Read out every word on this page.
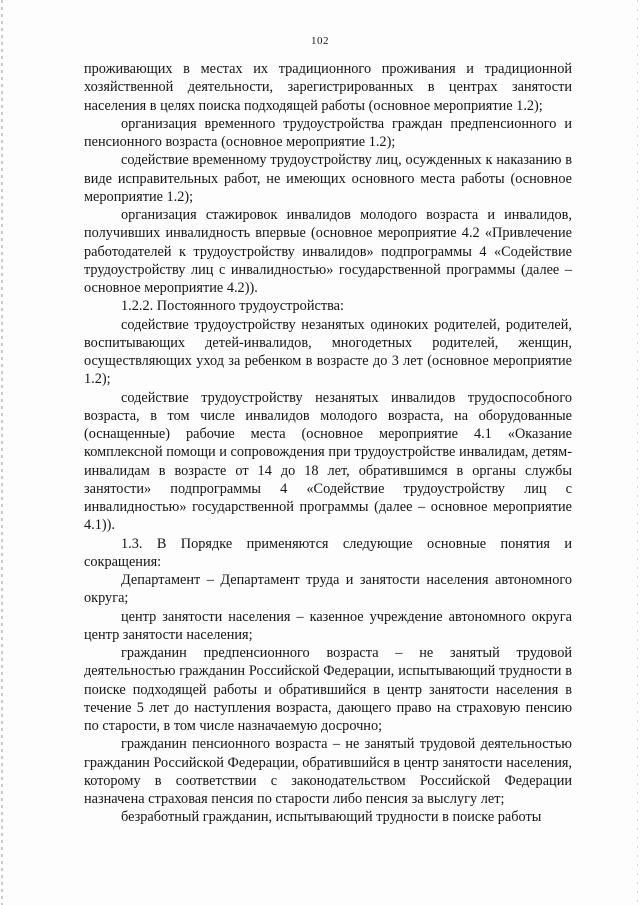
102

проживающих в местах их традиционного проживания и традиционной хозяйственной деятельности, зарегистрированных в центрах занятости населения в целях поиска подходящей работы (основное мероприятие 1.2);

организация временного трудоустройства граждан предпенсионного и пенсионного возраста (основное мероприятие 1.2);

содействие временному трудоустройству лиц, осужденных к наказанию в виде исправительных работ, не имеющих основного места работы (основное мероприятие 1.2);

организация стажировок инвалидов молодого возраста и инвалидов, получивших инвалидность впервые (основное мероприятие 4.2 «Привлечение работодателей к трудоустройству инвалидов» подпрограммы 4 «Содействие трудоустройству лиц с инвалидностью» государственной программы (далее – основное мероприятие 4.2)).

1.2.2. Постоянного трудоустройства:

содействие трудоустройству незанятых одиноких родителей, родителей, воспитывающих детей-инвалидов, многодетных родителей, женщин, осуществляющих уход за ребенком в возрасте до 3 лет (основное мероприятие 1.2);

содействие трудоустройству незанятых инвалидов трудоспособного возраста, в том числе инвалидов молодого возраста, на оборудованные (оснащенные) рабочие места (основное мероприятие 4.1 «Оказание комплексной помощи и сопровождения при трудоустройстве инвалидам, детям-инвалидам в возрасте от 14 до 18 лет, обратившимся в органы службы занятости» подпрограммы 4 «Содействие трудоустройству лиц с инвалидностью» государственной программы (далее – основное мероприятие 4.1)).

1.3. В Порядке применяются следующие основные понятия и сокращения:

Департамент – Департамент труда и занятости населения автономного округа;

центр занятости населения – казенное учреждение автономного округа центр занятости населения;

гражданин предпенсионного возраста – не занятый трудовой деятельностью гражданин Российской Федерации, испытывающий трудности в поиске подходящей работы и обратившийся в центр занятости населения в течение 5 лет до наступления возраста, дающего право на страховую пенсию по старости, в том числе назначаемую досрочно;

гражданин пенсионного возраста – не занятый трудовой деятельностью гражданин Российской Федерации, обратившийся в центр занятости населения, которому в соответствии с законодательством Российской Федерации назначена страховая пенсия по старости либо пенсия за выслугу лет;

безработный гражданин, испытывающий трудности в поиске работы
